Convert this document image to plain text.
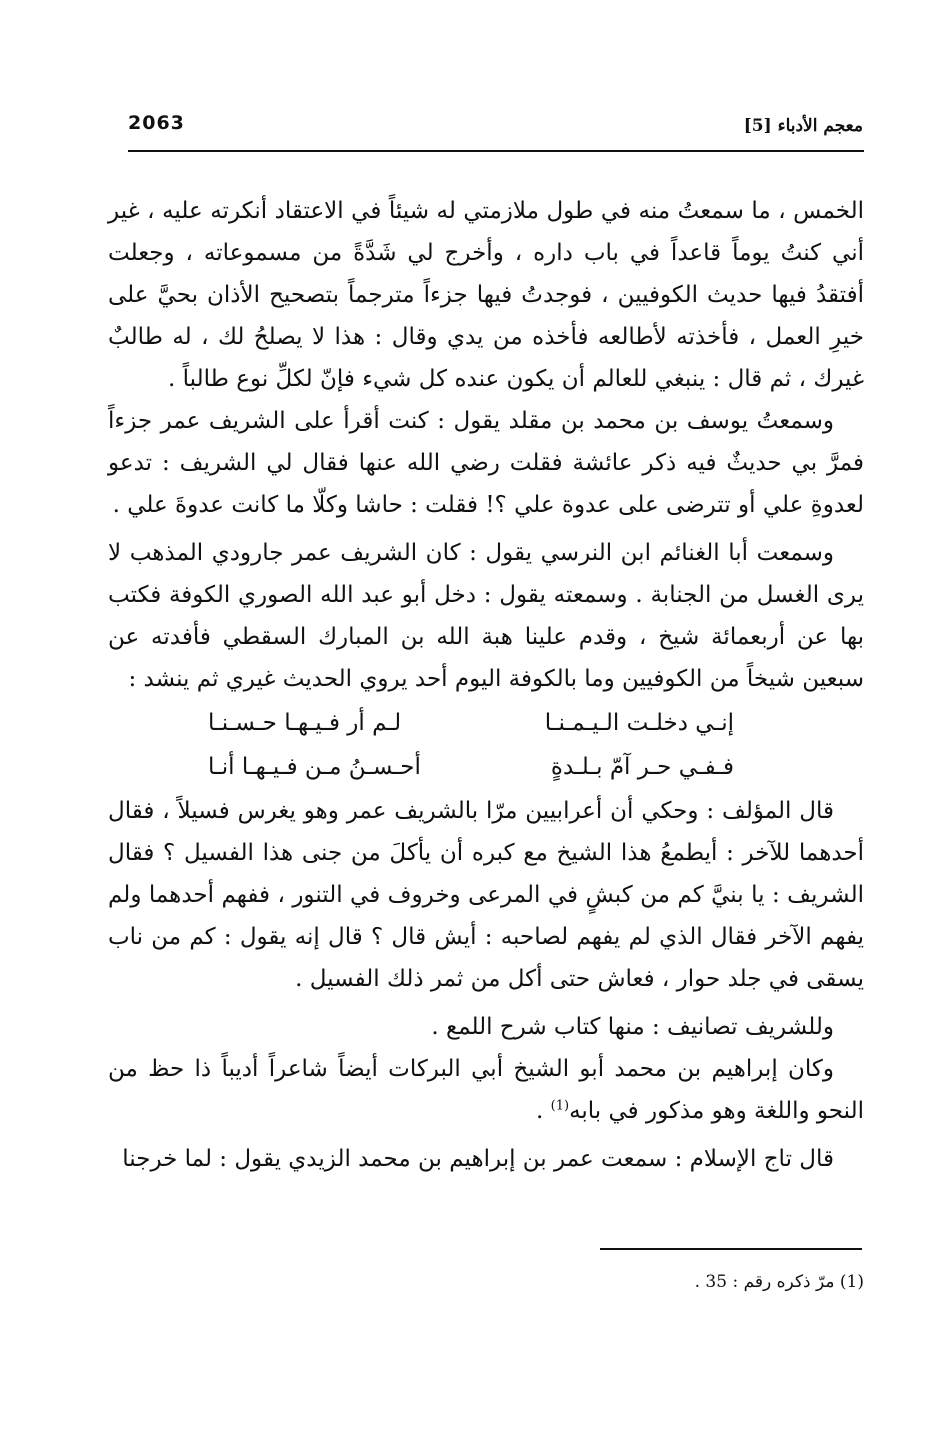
2063	معجم الأدباء [5]

الخمس ، ما سمعتُ منه في طول ملازمتي له شيئاً في الاعتقاد أنكرته عليه ، غير أني كنتُ يوماً قاعداً في باب داره ، وأخرج لي شَدَّةً من مسموعاته ، وجعلت أفتقدُ فيها حديث الكوفيين ، فوجدتُ فيها جزءاً مترجماً بتصحيح الأذان بحيَّ على خيرِ العمل ، فأخذته لأطالعه فأخذه من يدي وقال : هذا لا يصلحُ لك ، له طالبٌ غيرك ، ثم قال : ينبغي للعالم أن يكون عنده كل شيء فإنّ لكلِّ نوع طالباً .

وسمعتُ يوسف بن محمد بن مقلد يقول : كنت أقرأ على الشريف عمر جزءاً فمرَّ بي حديثٌ فيه ذكر عائشة فقلت رضي الله عنها فقال لي الشريف : تدعو لعدوةِ علي أو تترضى على عدوة علي ؟! فقلت : حاشا وكلّا ما كانت عدوةَ علي .

وسمعت أبا الغنائم ابن النرسي يقول : كان الشريف عمر جارودي المذهب لا يرى الغسل من الجنابة . وسمعته يقول : دخل أبو عبد الله الصوري الكوفة فكتب بها عن أربعمائة شيخ ، وقدم علينا هبة الله بن المبارك السقطي فأفدته عن سبعين شيخاً من الكوفيين وما بالكوفة اليوم أحد يروي الحديث غيري ثم ينشد :

إنـي دخلـت الـيـمـنـا
لـم أر فـيـهـا حـسـنـا
فـفـي حـر آمّ بـلـدةٍ
أحـسـنُ مـن فـيـهـا أنـا

قال المؤلف : وحكي أن أعرابيين مرّا بالشريف عمر وهو يغرس فسيلاً ، فقال أحدهما للآخر : أيطمعُ هذا الشيخ مع كبره أن يأكلَ من جنى هذا الفسيل ؟ فقال الشريف : يا بنيَّ كم من كبشٍ في المرعى وخروف في التنور ، ففهم أحدهما ولم يفهم الآخر فقال الذي لم يفهم لصاحبه : أيش قال ؟ قال إنه يقول : كم من ناب يسقى في جلد حوار ، فعاش حتى أكل من ثمر ذلك الفسيل .

وللشريف تصانيف : منها كتاب شرح اللمع .

وكان إبراهيم بن محمد أبو الشيخ أبي البركات أيضاً شاعراً أديباً ذا حظ من النحو واللغة وهو مذكور في بابه$^{(1)}$ .

قال تاج الإسلام : سمعت عمر بن إبراهيم بن محمد الزيدي يقول : لما خرجنا

(1) مرّ ذكره رقم : 35 .
